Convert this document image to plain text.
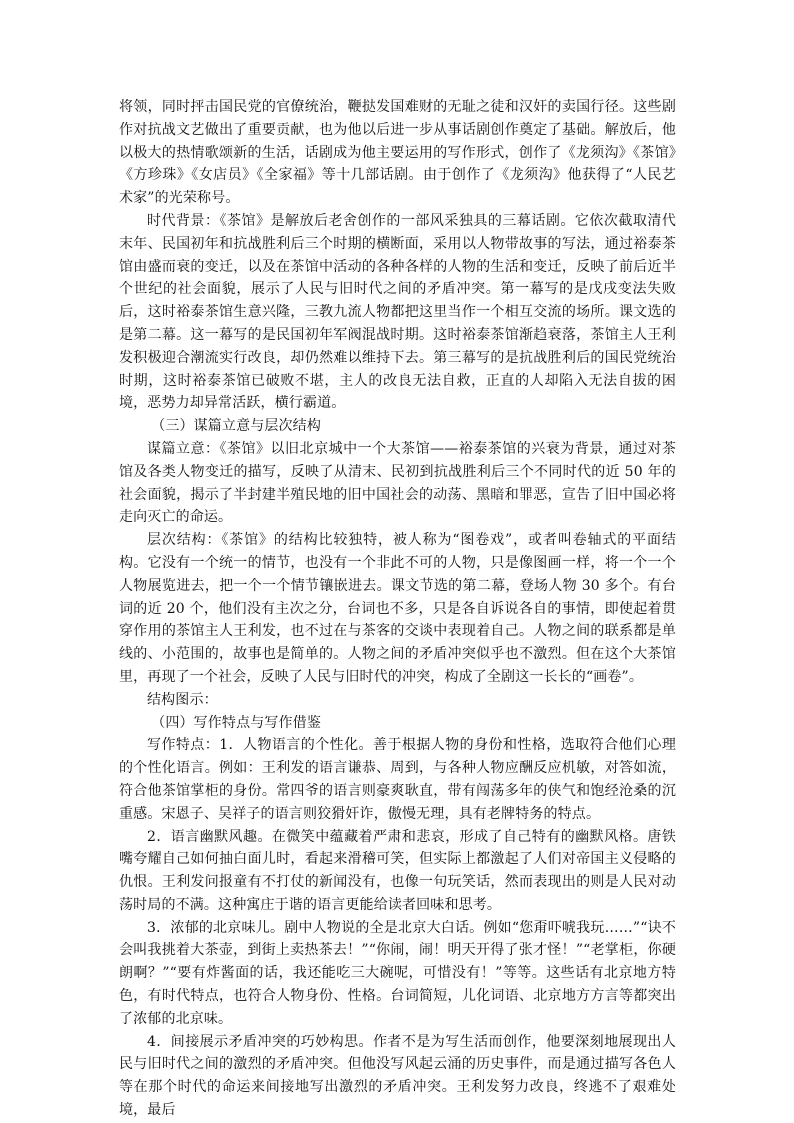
将领，同时抨击国民党的官僚统治，鞭挞发国难财的无耻之徒和汉奸的卖国行径。这些剧作对抗战文艺做出了重要贡献，也为他以后进一步从事话剧创作奠定了基础。解放后，他以极大的热情歌颂新的生活，话剧成为他主要运用的写作形式，创作了《龙须沟》《茶馆》《方珍珠》《女店员》《全家福》等十几部话剧。由于创作了《龙须沟》他获得了“人民艺术家”的光荣称号。

时代背景：《茶馆》是解放后老舍创作的一部风采独具的三幕话剧。它依次截取清代末年、民国初年和抗战胜利后三个时期的横断面，采用以人物带故事的写法，通过裕泰茶馆由盛而衰的变迁，以及在茶馆中活动的各种各样的人物的生活和变迁，反映了前后近半个世纪的社会面貌，展示了人民与旧时代之间的矛盾冲突。第一幕写的是戊戌变法失败后，这时裕泰茶馆生意兴隆，三教九流人物都把这里当作一个相互交流的场所。课文选的是第二幕。这一幕写的是民国初年军阀混战时期。这时裕泰茶馆渐趋衰落，茶馆主人王利发积极迎合潮流实行改良，却仍然难以维持下去。第三幕写的是抗战胜利后的国民党统治时期，这时裕泰茶馆已破败不堪，主人的改良无法自救，正直的人却陷入无法自拔的困境，恶势力却异常活跃，横行霸道。

（三）谋篇立意与层次结构

谋篇立意：《茶馆》以旧北京城中一个大茶馆——裕泰茶馆的兴衰为背景，通过对茶馆及各类人物变迁的描写，反映了从清末、民初到抗战胜利后三个不同时代的近 50 年的社会面貌，揭示了半封建半殖民地的旧中国社会的动荡、黑暗和罪恶，宣告了旧中国必将走向灭亡的命运。

层次结构：《茶馆》的结构比较独特，被人称为“图卷戏”，或者叫卷轴式的平面结构。它没有一个统一的情节，也没有一个非此不可的人物，只是像图画一样，将一个一个人物展览进去，把一个一个情节镶嵌进去。课文节选的第二幕，登场人物 30 多个。有台词的近 20 个，他们没有主次之分，台词也不多，只是各自诉说各自的事情，即使起着贯穿作用的茶馆主人王利发，也不过在与茶客的交谈中表现着自己。人物之间的联系都是单线的、小范围的，故事也是简单的。人物之间的矛盾冲突似乎也不激烈。但在这个大茶馆里，再现了一个社会，反映了人民与旧时代的冲突，构成了全剧这一长长的“画卷”。

结构图示：

（四）写作特点与写作借鉴

写作特点：1．人物语言的个性化。善于根据人物的身份和性格，选取符合他们心理的个性化语言。例如：王利发的语言谦恭、周到，与各种人物应酬反应机敏，对答如流，符合他茶馆掌柜的身份。常四爷的语言则豪爽耿直，带有闯荡多年的侠气和饱经沧桑的沉重感。宋恩子、吴祥子的语言则狡猾奸诈，傲慢无理，具有老牌特务的特点。

2．语言幽默风趣。在微笑中蕴藏着严肃和悲哀，形成了自己特有的幽默风格。唐铁嘴夸耀自己如何抽白面儿时，看起来滑稽可笑，但实际上都激起了人们对帝国主义侵略的仇恨。王利发问报童有不打仗的新闻没有，也像一句玩笑话，然而表现出的则是人民对动荡时局的不满。这种寓庄于谐的语言更能给读者回味和思考。

3．浓郁的北京味儿。剧中人物说的全是北京大白话。例如“您甭吓唬我玩……”“诀不会叫我挑着大茶壶，到街上卖热茶去！”“你闹，闹！明天开得了张才怪！”“老掌柜，你硬朗啊？”“要有炸酱面的话，我还能吃三大碗呢，可惜没有！”等等。这些话有北京地方特色，有时代特点，也符合人物身份、性格。台词简短，儿化词语、北京地方方言等都突出了浓郁的北京味。

4．间接展示矛盾冲突的巧妙构思。作者不是为写生活而创作，他要深刻地展现出人民与旧时代之间的激烈的矛盾冲突。但他没写风起云涌的历史事件，而是通过描写各色人等在那个时代的命运来间接地写出激烈的矛盾冲突。王利发努力改良，终逃不了艰难处境，最后
